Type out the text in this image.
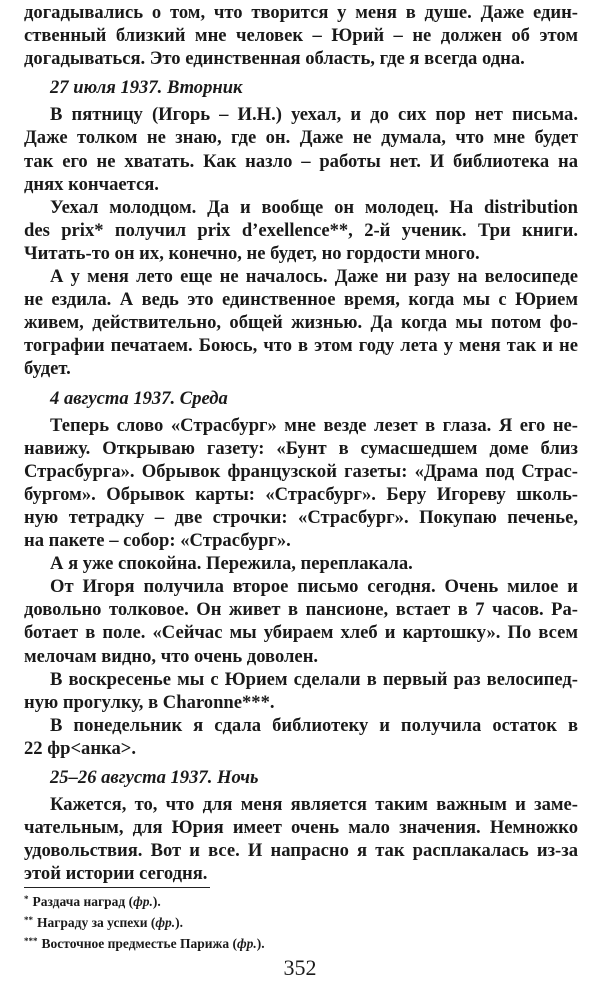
догадывались о том, что творится у меня в душе. Даже един-
ственный близкий мне человек – Юрий – не должен об этом
догадываться. Это единственная область, где я всегда одна.
27 июля 1937. Вторник
В пятницу (Игорь – И.Н.) уехал, и до сих пор нет письма.
Даже толком не знаю, где он. Даже не думала, что мне будет
так его не хватать. Как назло – работы нет. И библиотека на
днях кончается.
Уехал молодцом. Да и вообще он молодец. На distribution
des prix* получил prix d’exellence**, 2-й ученик. Три книги.
Читать-то он их, конечно, не будет, но гордости много.
А у меня лето еще не началось. Даже ни разу на велосипеде
не ездила. А ведь это единственное время, когда мы с Юрием
живем, действительно, общей жизнью. Да когда мы потом фо-
тографии печатаем. Боюсь, что в этом году лета у меня так и не
будет.
4 августа 1937. Среда
Теперь слово «Страсбург» мне везде лезет в глаза. Я его не-
навижу. Открываю газету: «Бунт в сумасшедшем доме близ
Страсбурга». Обрывок французской газеты: «Драма под Страс-
бургом». Обрывок карты: «Страсбург». Беру Игореву школь-
ную тетрадку – две строчки: «Страсбург». Покупаю печенье,
на пакете – собор: «Страсбург».
А я уже спокойна. Пережила, переплакала.
От Игоря получила второе письмо сегодня. Очень милое и
довольно толковое. Он живет в пансионе, встает в 7 часов. Ра-
ботает в поле. «Сейчас мы убираем хлеб и картошку». По всем
мелочам видно, что очень доволен.
В воскресенье мы с Юрием сделали в первый раз велосипед-
ную прогулку, в Charonne***.
В понедельник я сдала библиотеку и получила остаток в
22 фр<анка>.
25–26 августа 1937. Ночь
Кажется, то, что для меня является таким важным и заме-
чательным, для Юрия имеет очень мало значения. Немножко
удовольствия. Вот и все. И напрасно я так расплакалась из-за
этой истории сегодня.
* Раздача наград (фр.).
** Награду за успехи (фр.).
*** Восточное предместье Парижа (фр.).
352
